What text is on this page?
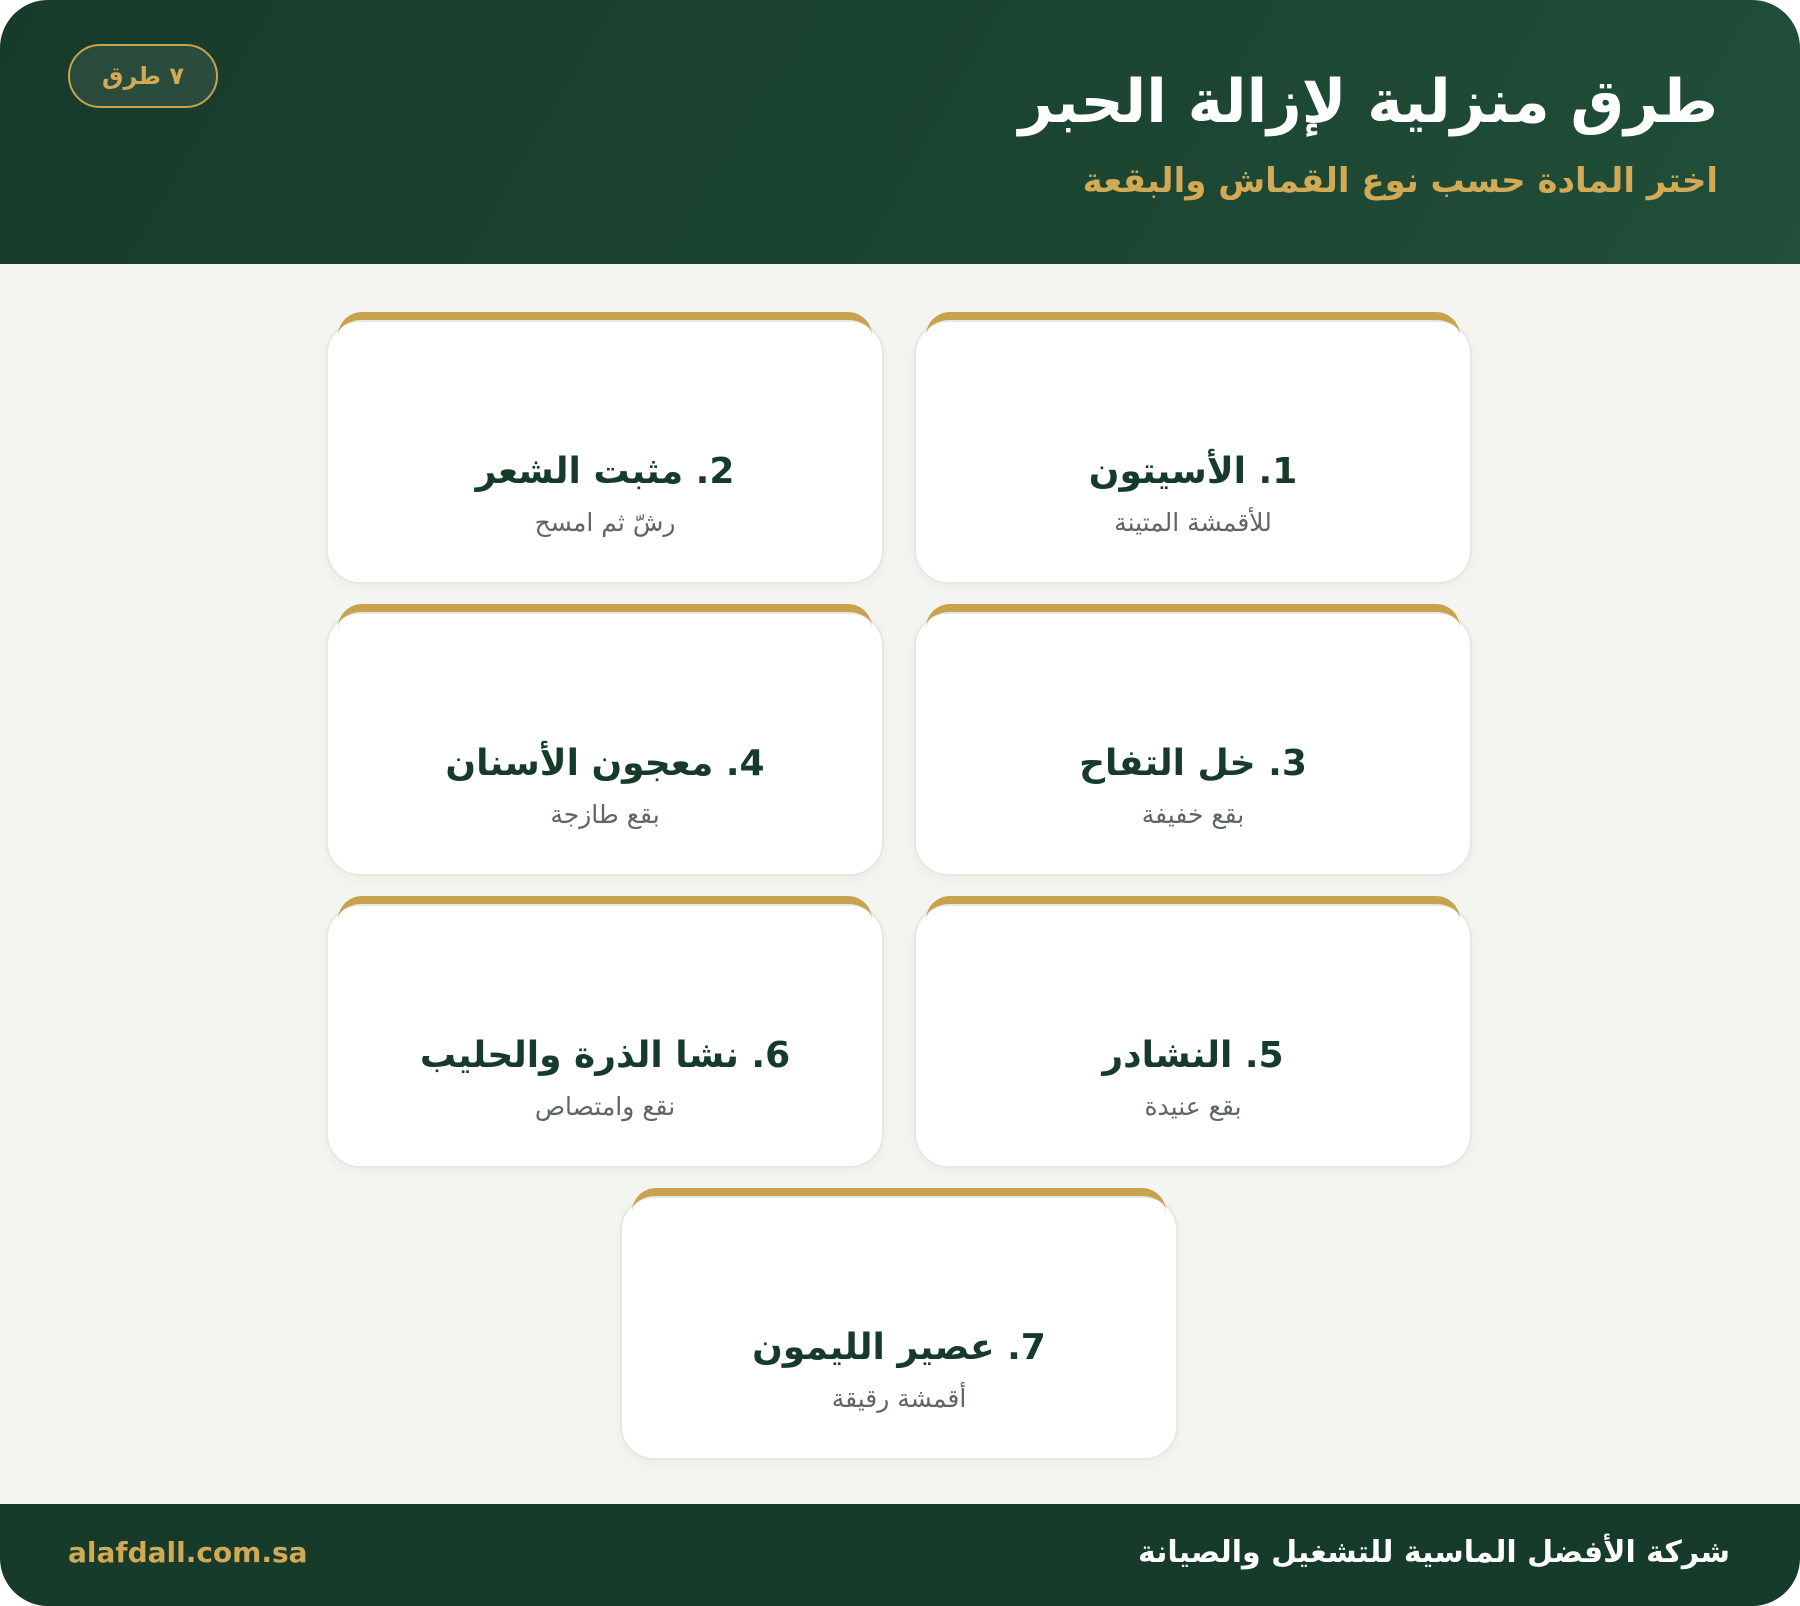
طرق منزلية لإزالة الحبر

اختر المادة حسب نوع القماش والبقعة

٧ طرق
1. الأسيتون

للأقمشة المتينة

2. مثبت الشعر

رشّ ثم امسح

3. خل التفاح

بقع خفيفة

4. معجون الأسنان

بقع طازجة

5. النشادر

بقع عنيدة

6. نشا الذرة والحليب

نقع وامتصاص

7. عصير الليمون

أقمشة رقيقة

شركة الأفضل الماسية للتشغيل والصيانة

alafdall.com.sa
